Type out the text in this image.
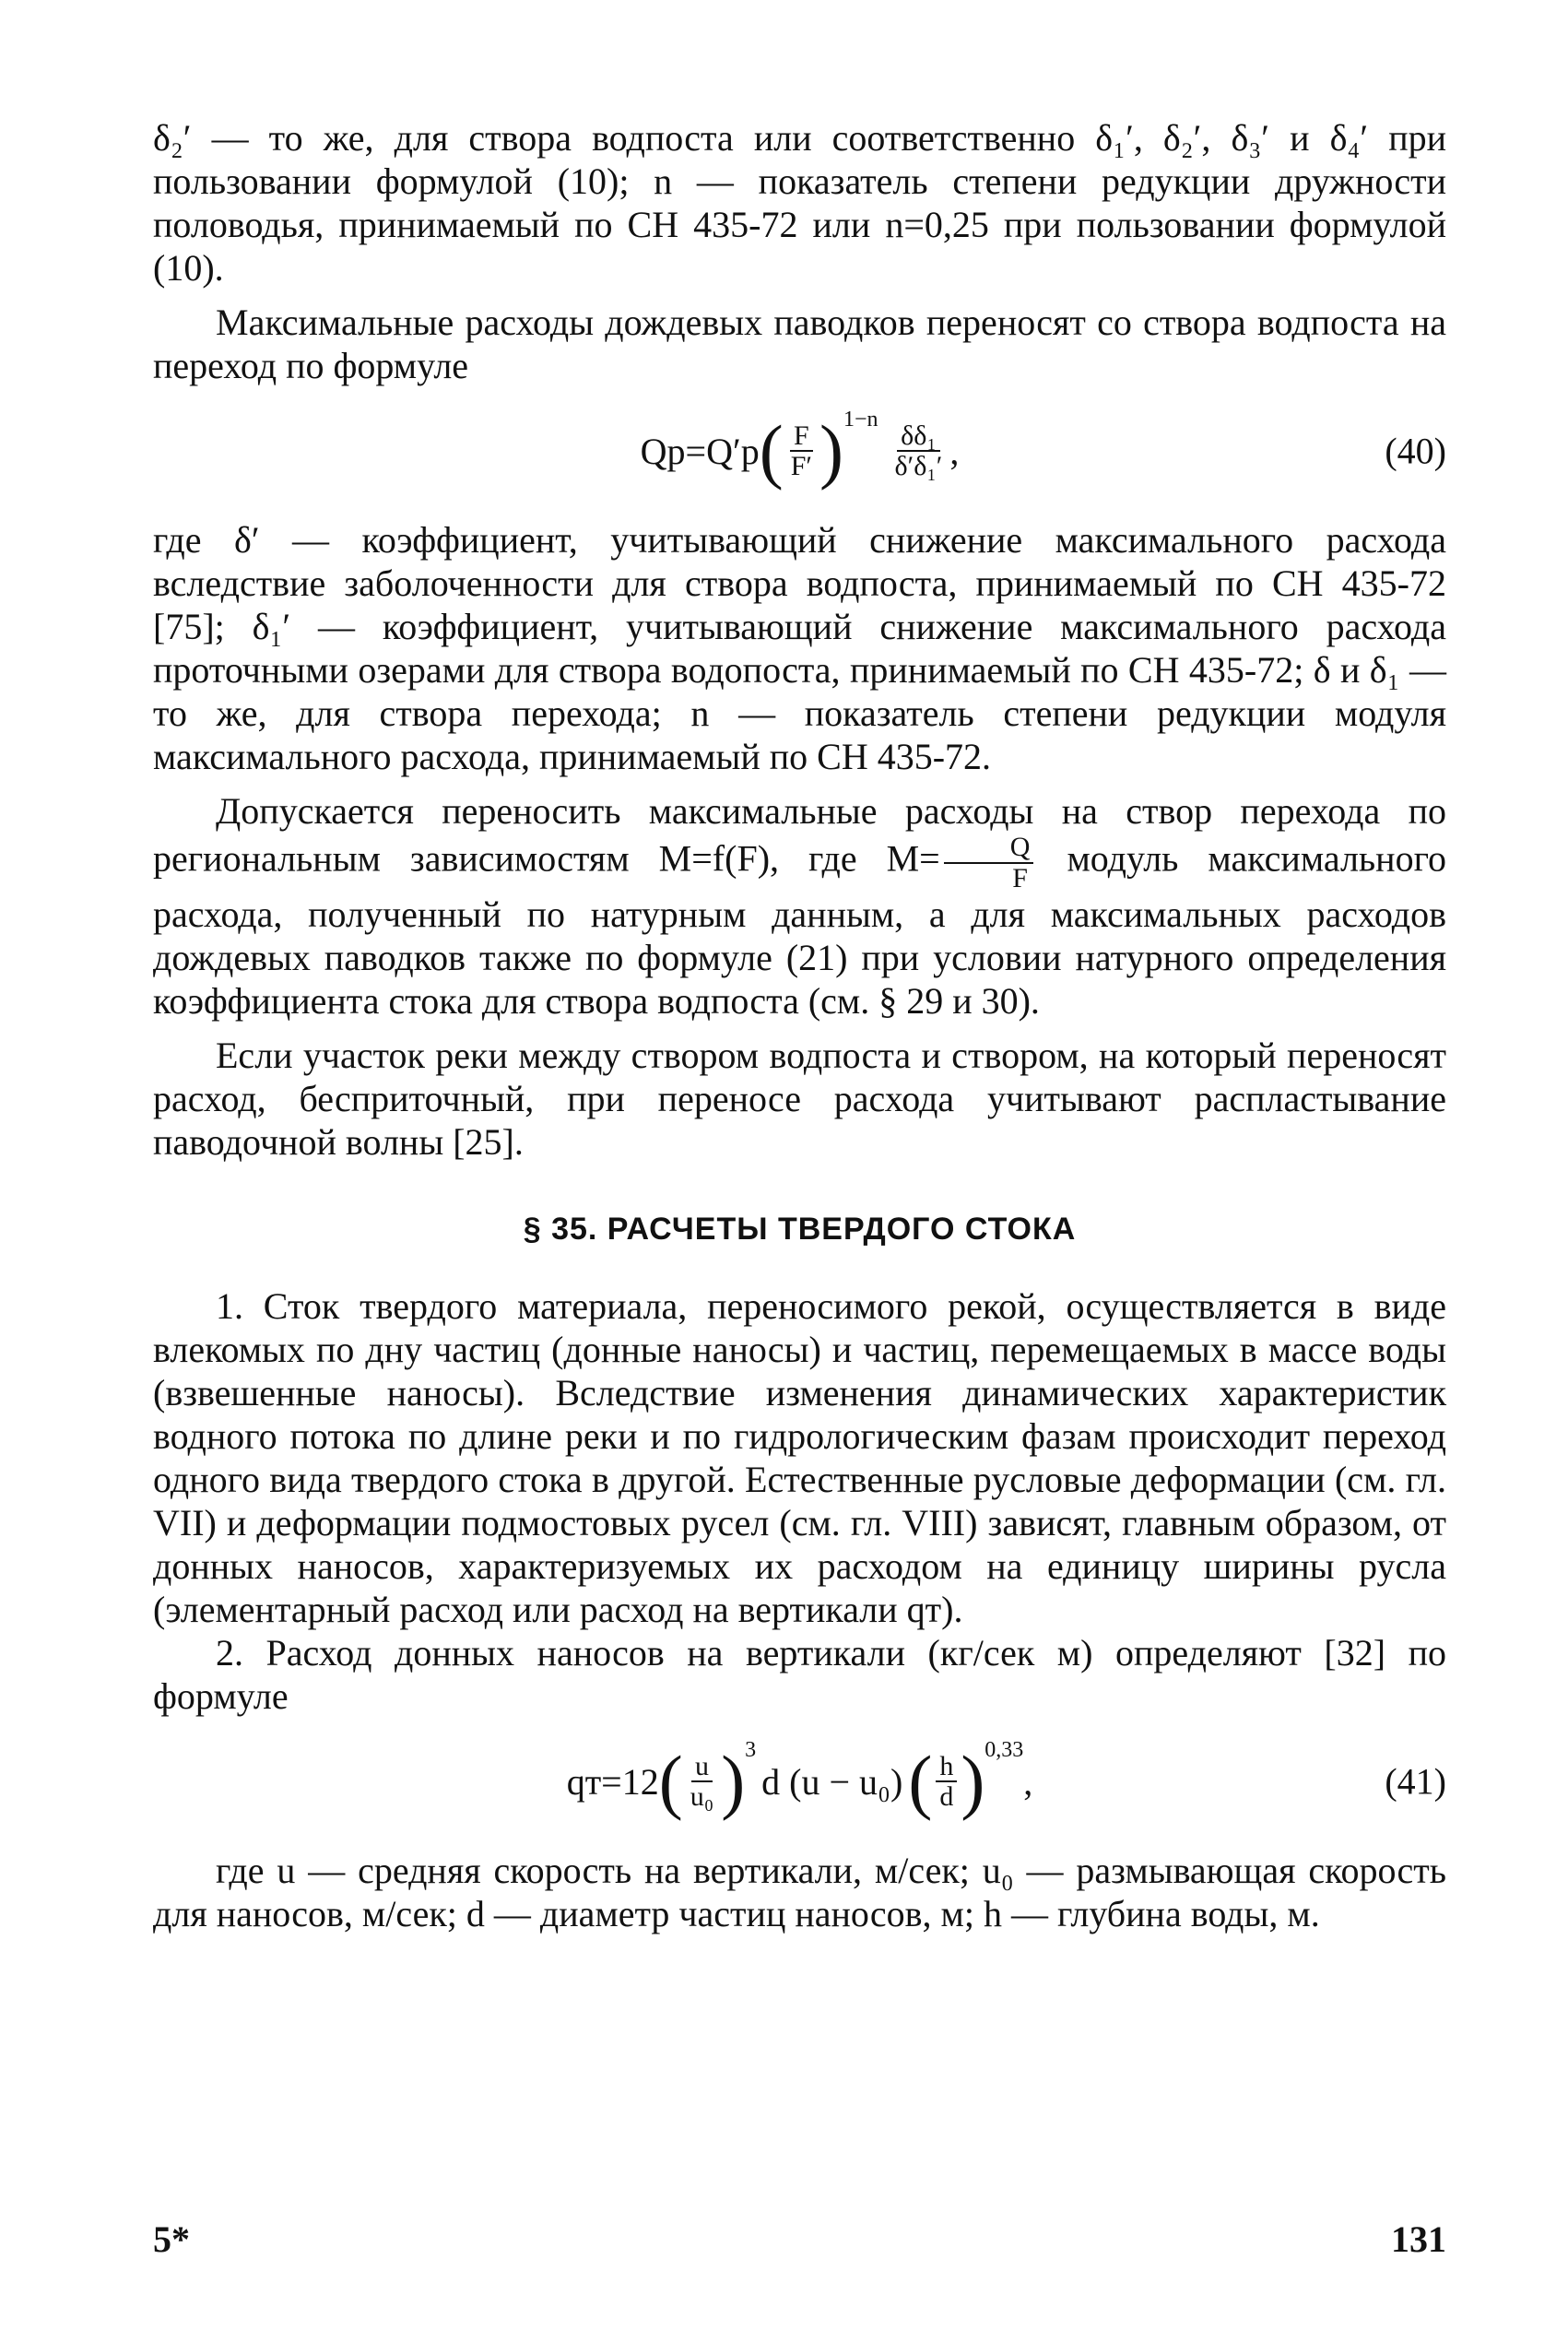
δ₂′ — то же, для створа водпоста или соответственно δ₁′, δ₂′, δ₃′ и δ₄′ при пользовании формулой (10); n — показатель степени редукции дружности половодья, принимаемый по СН 435-72 или n=0,25 при пользовании формулой (10).

Максимальные расходы дождевых паводков переносят со створа водпоста на переход по формуле

Qр=Q′р ( $\frac{F}{F'} )^{1-n}$
$\frac{\text{δδ₁}}{\text{δ′δ₁′}}$ ,	(40)

где δ′ — коэффициент, учитывающий снижение максимального расхода вследствие заболоченности для створа водпоста, принимаемый по СН 435-72 [75]; δ₁′ — коэффициент, учитывающий снижение максимального расхода проточными озерами для створа водопоста, принимаемый по СН 435-72; δ и δ₁ — то же, для створа перехода; n — показатель степени редукции модуля максимального расхода, принимаемый по СН 435-72.

Допускается переносить максимальные расходы на створ перехода по региональным зависимостям M=f(F), где $M= \frac{Q}{F}$ модуль максимального расхода, полученный по натурным данным, а для максимальных расходов дождевых паводков также по формуле (21) при условии натурного определения коэффициента стока для створа водпоста (см. § 29 и 30).

Если участок реки между створом водпоста и створом, на который переносят расход, бесприточный, при переносе расхода учитывают распластывание паводочной волны [25].

§ 35. РАСЧЕТЫ ТВЕРДОГО СТОКА

1. Сток твердого материала, переносимого рекой, осуществляется в виде влекомых по дну частиц (донные наносы) и частиц, перемещаемых в массе воды (взвешенные наносы). Вследствие изменения динамических характеристик водного потока по длине реки и по гидрологическим фазам происходит переход одного вида твердого стока в другой. Естественные русловые деформации (см. гл. VII) и деформации подмостовых русел (см. гл. VIII) зависят, главным образом, от донных наносов, характеризуемых их расходом на единицу ширины русла (элементарный расход или расход на вертикали qт).

2. Расход донных наносов на вертикали (кг/сек м) определяют [32] по формуле

qт=12 ( $\frac{u}{\text{u₀}} )^3$
d (u − u₀) ( $\frac{h}{d} )^{0,33}$
,	(41)

где u — средняя скорость на вертикали, м/сек; u₀ — размывающая скорость для наносов, м/сек; d — диаметр частиц наносов, м; h — глубина воды, м.

5*	131
